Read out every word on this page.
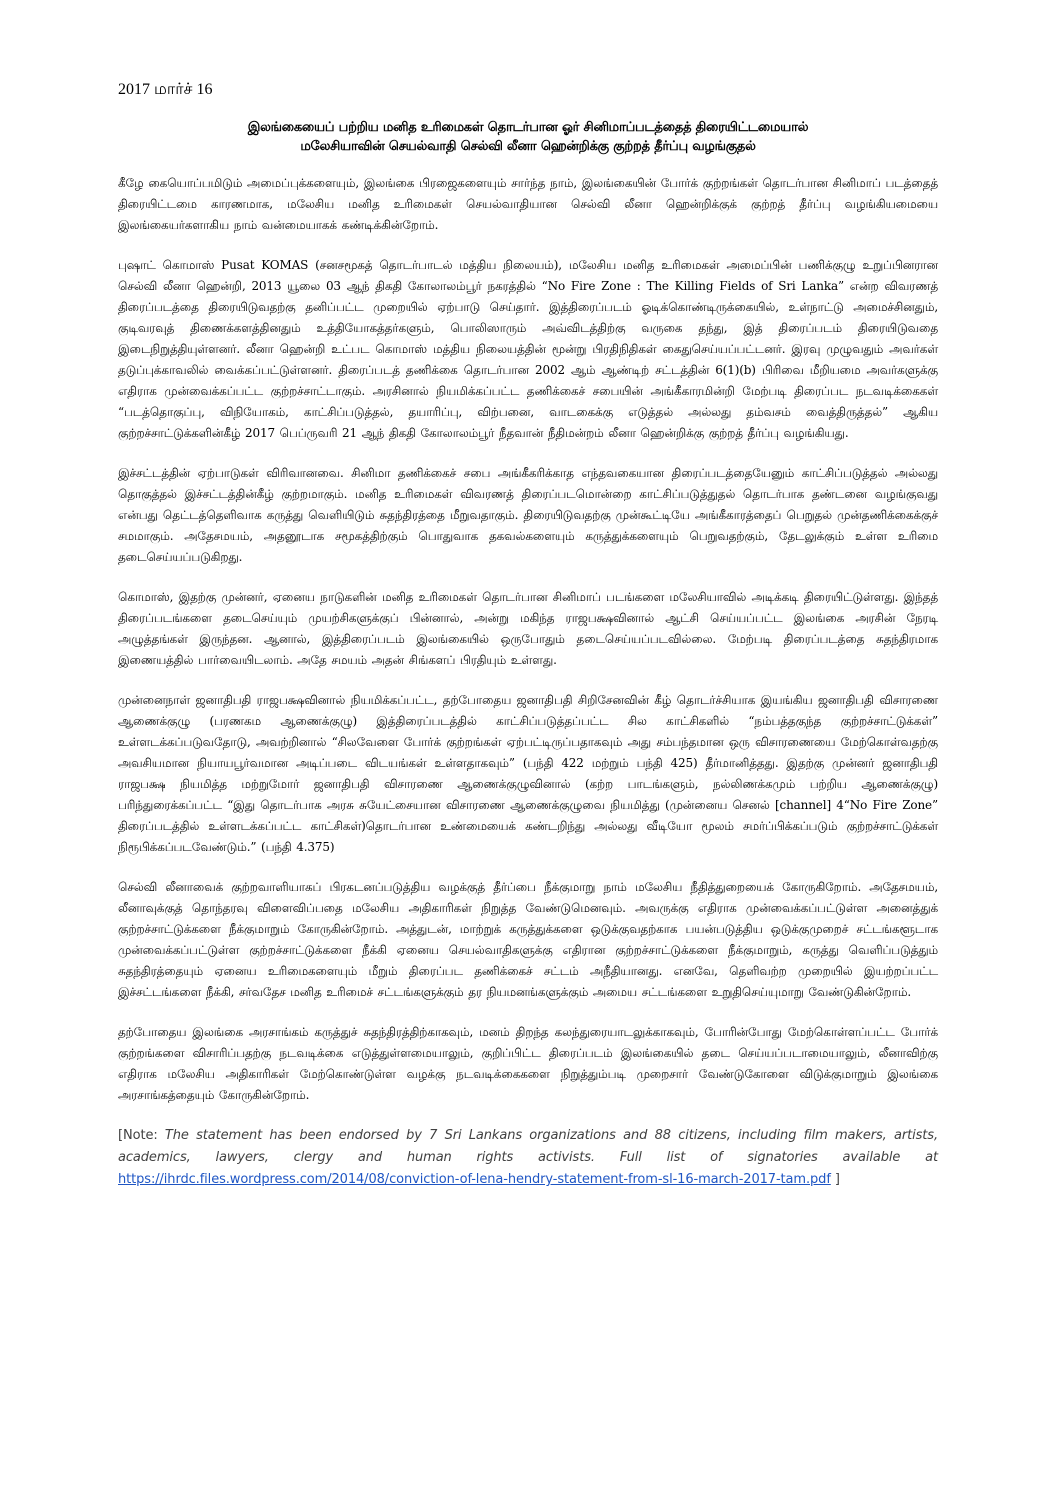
2017 மார்ச் 16
இலங்கையைப் பற்றிய மனித உரிமைகள் தொடர்பான ஓர் சினிமாப்படத்தைத் திரையிட்டமையால்
மலேசியாவின் செயல்வாதி செல்வி லீனா ஹென்றிக்கு குற்றத் தீர்ப்பு வழங்குதல்

கீழே கையொப்பமிடும் அமைப்புக்களையும், இலங்கை பிரஜைகளையும் சார்ந்த நாம், இலங்கையின் போர்க் குற்றங்கள் தொடர்பான சினிமாப் படத்தைத் திரையிட்டமை காரணமாக, மலேசிய மனித உரிமைகள் செயல்வாதியான செல்வி லீனா ஹென்றிக்குக் குற்றத் தீர்ப்பு வழங்கியமையை இலங்கையர்களாகிய நாம் வன்மையாகக் கண்டிக்கின்றோம்.

புஷாட் கொமாஸ் Pusat KOMAS (சனசமூகத் தொடர்பாடல் மத்திய நிலையம்), மலேசிய மனித உரிமைகள் அமைப்பின் பணிக்குழு உறுப்பினரான செல்வி லீனா ஹென்றி, 2013 யூலை 03 ஆந் திகதி கோலாலம்பூர் நகரத்தில் “No Fire Zone : The Killing Fields of Sri Lanka” என்ற விவரணத் திரைப்படத்தை திரையிடுவதற்கு தனிப்பட்ட முறையில் ஏற்பாடு செய்தார். இத்திரைப்படம் ஓடிக்கொண்டிருக்கையில், உள்நாட்டு அமைச்சினதும், குடிவரவுத் திணைக்களத்தினதும் உத்தியோகத்தர்களும், பொலிஸாரும் அவ்விடத்திற்கு வருகை தந்து, இத் திரைப்படம் திரையிடுவதை இடைநிறுத்தியுள்ளனர். லீனா ஹென்றி உட்பட கொமாஸ் மத்திய நிலையத்தின் மூன்று பிரதிநிதிகள் கைதுசெய்யப்பட்டனர். இரவு முழுவதும் அவர்கள் தடுப்புக்காவலில் வைக்கப்பட்டுள்ளனர். திரைப்படத் தணிக்கை தொடர்பான 2002 ஆம் ஆண்டிற் சட்டத்தின் 6(1)(b) பிரிவை மீறியமை அவர்களுக்கு எதிராக முன்வைக்கப்பட்ட குற்றச்சாட்டாகும். அரசினால் நியமிக்கப்பட்ட தணிக்கைச் சபையின் அங்கீகாரமின்றி மேற்படி திரைப்பட நடவடிக்கைகள் “படத்தொகுப்பு, விநியோகம், காட்சிப்படுத்தல், தயாரிப்பு, விற்பனை, வாடகைக்கு எடுத்தல் அல்லது தம்வசம் வைத்திருத்தல்” ஆகிய குற்றச்சாட்டுக்களின்கீழ் 2017 பெப்ருவரி 21 ஆந் திகதி கோலாலம்பூர் நீதவான் நீதிமன்றம் லீனா ஹென்றிக்கு குற்றத் தீர்ப்பு வழங்கியது.

இச்சட்டத்தின் ஏற்பாடுகள் விரிவானவை. சினிமா தணிக்கைச் சபை அங்கீகரிக்காத எந்தவகையான திரைப்படத்தையேனும் காட்சிப்படுத்தல் அல்லது தொகுத்தல் இச்சட்டத்தின்கீழ் குற்றமாகும். மனித உரிமைகள் விவரணத் திரைப்படமொன்றை காட்சிப்படுத்துதல் தொடர்பாக தண்டனை வழங்குவது என்பது தெட்டத்தெளிவாக கருத்து வெளியிடும் சுதந்திரத்தை மீறுவதாகும். திரையிடுவதற்கு முன்கூட்டியே அங்கீகாரத்தைப் பெறுதல் முன்தணிக்கைக்குச் சமமாகும். அதேசமயம், அதனூடாக சமூகத்திற்கும் பொதுவாக தகவல்களையும் கருத்துக்களையும் பெறுவதற்கும், தேடலுக்கும் உள்ள உரிமை தடைசெய்யப்படுகிறது.

கொமாஸ், இதற்கு முன்னர், ஏனைய நாடுகளின் மனித உரிமைகள் தொடர்பான சினிமாப் படங்களை மலேசியாவில் அடிக்கடி திரையிட்டுள்ளது. இந்தத் திரைப்படங்களை தடைசெய்யும் முயற்சிகளுக்குப் பின்னால், அன்று மகிந்த ராஜபக்ஷவினால் ஆட்சி செய்யப்பட்ட இலங்கை அரசின் நேரடி அழுத்தங்கள் இருந்தன. ஆனால், இத்திரைப்படம் இலங்கையில் ஒருபோதும் தடைசெய்யப்படவில்லை. மேற்படி திரைப்படத்தை சுதந்திரமாக இணையத்தில் பார்வையிடலாம். அதே சமயம் அதன் சிங்களப் பிரதியும் உள்ளது.

முன்னைநாள் ஜனாதிபதி ராஜபக்ஷவினால் நியமிக்கப்பட்ட, தற்போதைய ஜனாதிபதி சிறிசேனவின் கீழ் தொடர்ச்சியாக இயங்கிய ஜனாதிபதி விசாரணை ஆணைக்குழு (பரணகம ஆணைக்குழு) இத்திரைப்படத்தில் காட்சிப்படுத்தப்பட்ட சில காட்சிகளில் “நம்பத்தகுந்த குற்றச்சாட்டுக்கள்” உள்ளடக்கப்படுவதோடு, அவற்றினால் “சிலவேளை போர்க் குற்றங்கள் ஏற்பட்டிருப்பதாகவும் அது சம்பந்தமான ஒரு விசாரணையை மேற்கொள்வதற்கு அவசியமான நியாயபூர்வமான அடிப்படை விடயங்கள் உள்ளதாகவும்” (பந்தி 422 மற்றும் பந்தி 425) தீர்மானித்தது. இதற்கு முன்னர் ஜனாதிபதி ராஜபக்ஷ நியமித்த மற்றுமோர் ஜனாதிபதி விசாரணை ஆணைக்குழுவினால் (கற்ற பாடங்களும், நல்லிணக்கமும் பற்றிய ஆணைக்குழு) பரிந்துரைக்கப்பட்ட “இது தொடர்பாக அரசு சுயேட்சையான விசாரணை ஆணைக்குழுவை நியமித்து (முன்னைய செனல் [channel] 4“No Fire Zone” திரைப்படத்தில் உள்ளடக்கப்பட்ட காட்சிகள்)தொடர்பான உண்மையைக் கண்டறிந்து அல்லது வீடியோ மூலம் சமர்ப்பிக்கப்படும் குற்றச்சாட்டுக்கள் நிரூபிக்கப்படவேண்டும்.” (பந்தி 4.375)

செல்வி லீனாவைக் குற்றவாளியாகப் பிரகடனப்படுத்திய வழக்குத் தீர்ப்பை நீக்குமாறு நாம் மலேசிய நீதித்துறையைக் கோருகிறோம். அதேசமயம், லீனாவுக்குத் தொந்தரவு விளைவிப்பதை மலேசிய அதிகாரிகள் நிறுத்த வேண்டுமெனவும். அவருக்கு எதிராக முன்வைக்கப்பட்டுள்ள அனைத்துக் குற்றச்சாட்டுக்களை நீக்குமாறும் கோருகின்றோம். அத்துடன், மாற்றுக் கருத்துக்களை ஒடுக்குவதற்காக பயன்படுத்திய ஒடுக்குமுறைச் சட்டங்களூடாக முன்வைக்கப்பட்டுள்ள குற்றச்சாட்டுக்களை நீக்கி ஏனைய செயல்வாதிகளுக்கு எதிரான குற்றச்சாட்டுக்களை நீக்குமாறும், கருத்து வெளிப்படுத்தும் சுதந்திரத்தையும் ஏனைய உரிமைகளையும் மீறும் திரைப்பட தணிக்கைச் சட்டம் அநீதியானது. எனவே, தெளிவற்ற முறையில் இயற்றப்பட்ட இச்சட்டங்களை நீக்கி, சர்வதேச மனித உரிமைச் சட்டங்களுக்கும் தர நியமனங்களுக்கும் அமைய சட்டங்களை உறுதிசெய்யுமாறு வேண்டுகின்றோம்.

தற்போதைய இலங்கை அரசாங்கம் கருத்துச் சுதந்திரத்திற்காகவும், மனம் திறந்த கலந்துரையாடலுக்காகவும், போரின்போது மேற்கொள்ளப்பட்ட போர்க் குற்றங்களை விசாரிப்பதற்கு நடவடிக்கை எடுத்துள்ளமையாலும், குறிப்பிட்ட திரைப்படம் இலங்கையில் தடை செய்யப்படாமையாலும், லீனாவிற்கு எதிராக மலேசிய அதிகாரிகள் மேற்கொண்டுள்ள வழக்கு நடவடிக்கைகளை நிறுத்தும்படி முறைசார் வேண்டுகோளை விடுக்குமாறும் இலங்கை அரசாங்கத்தையும் கோருகின்றோம்.

[Note: The statement has been endorsed by 7 Sri Lankans organizations and 88 citizens, including film makers, artists, academics, lawyers, clergy and human rights activists. Full list of signatories available at https://ihrdc.files.wordpress.com/2014/08/conviction-of-lena-hendry-statement-from-sl-16-march-2017-tam.pdf ]
